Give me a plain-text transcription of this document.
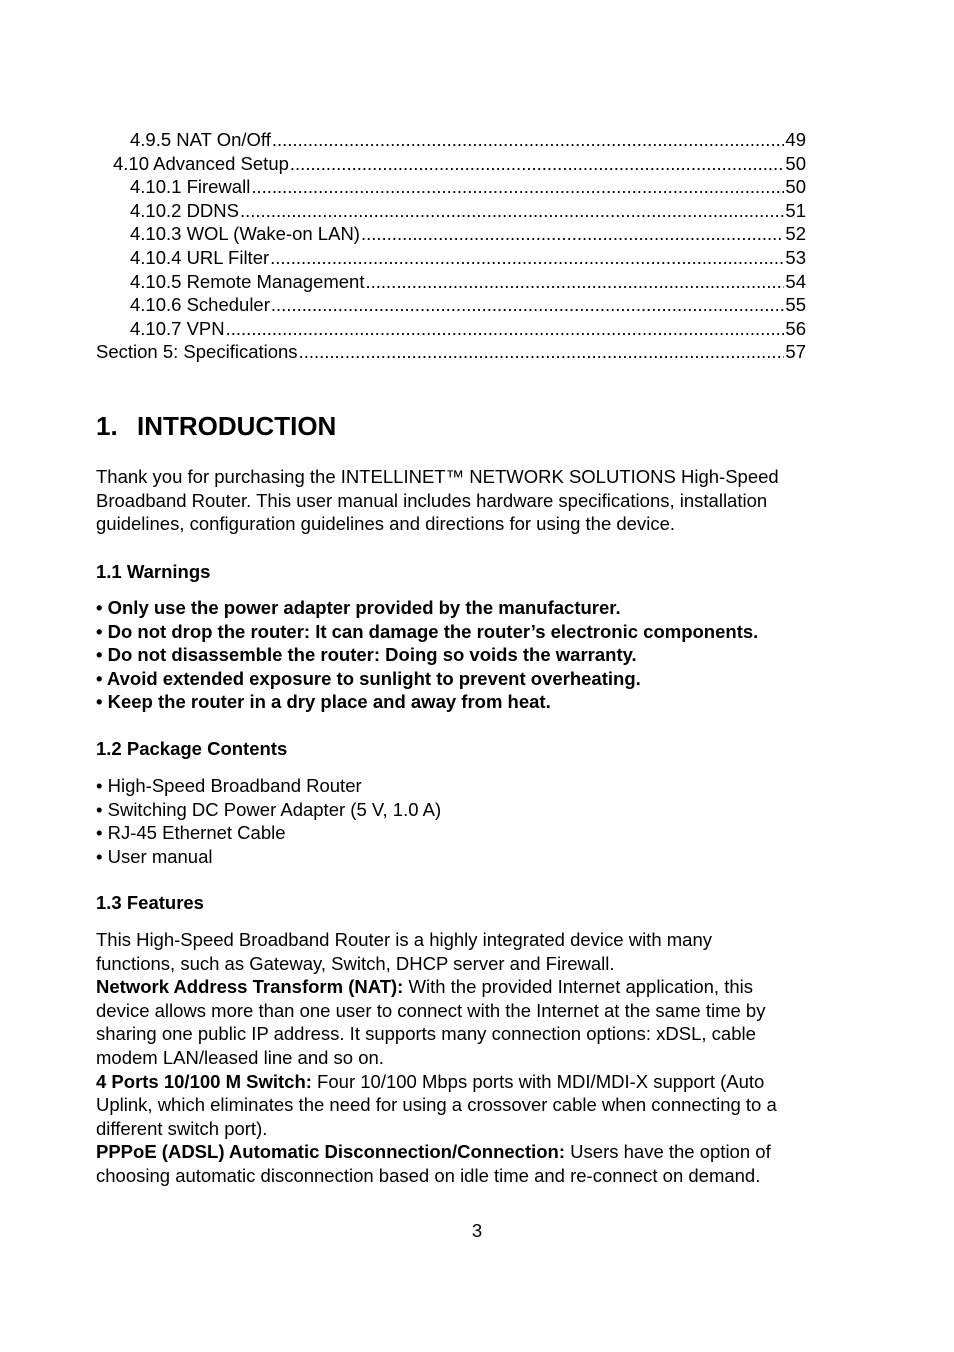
4.9.5 NAT On/Off .....	49
4.10 Advanced Setup .....	50
4.10.1 Firewall .....	50
4.10.2 DDNS .....	51
4.10.3 WOL (Wake-on LAN) .....	52
4.10.4 URL Filter .....	53
4.10.5 Remote Management .....	54
4.10.6 Scheduler .....	55
4.10.7 VPN .....	56
Section 5: Specifications .....	57
1. INTRODUCTION
Thank you for purchasing the INTELLINET™ NETWORK SOLUTIONS High-Speed
Broadband Router. This user manual includes hardware specifications, installation
guidelines, configuration guidelines and directions for using the device.
1.1 Warnings
• Only use the power adapter provided by the manufacturer.
• Do not drop the router: It can damage the router’s electronic components.
• Do not disassemble the router: Doing so voids the warranty.
• Avoid extended exposure to sunlight to prevent overheating.
• Keep the router in a dry place and away from heat.
1.2 Package Contents
• High-Speed Broadband Router
• Switching DC Power Adapter (5 V, 1.0 A)
• RJ-45 Ethernet Cable
• User manual
1.3 Features
This High-Speed Broadband Router is a highly integrated device with many
functions, such as Gateway, Switch, DHCP server and Firewall.
Network Address Transform (NAT): With the provided Internet application, this
device allows more than one user to connect with the Internet at the same time by
sharing one public IP address. It supports many connection options: xDSL, cable
modem LAN/leased line and so on.
4 Ports 10/100 M Switch: Four 10/100 Mbps ports with MDI/MDI-X support (Auto
Uplink, which eliminates the need for using a crossover cable when connecting to a
different switch port).
PPPoE (ADSL) Automatic Disconnection/Connection: Users have the option of
choosing automatic disconnection based on idle time and re-connect on demand.
3
